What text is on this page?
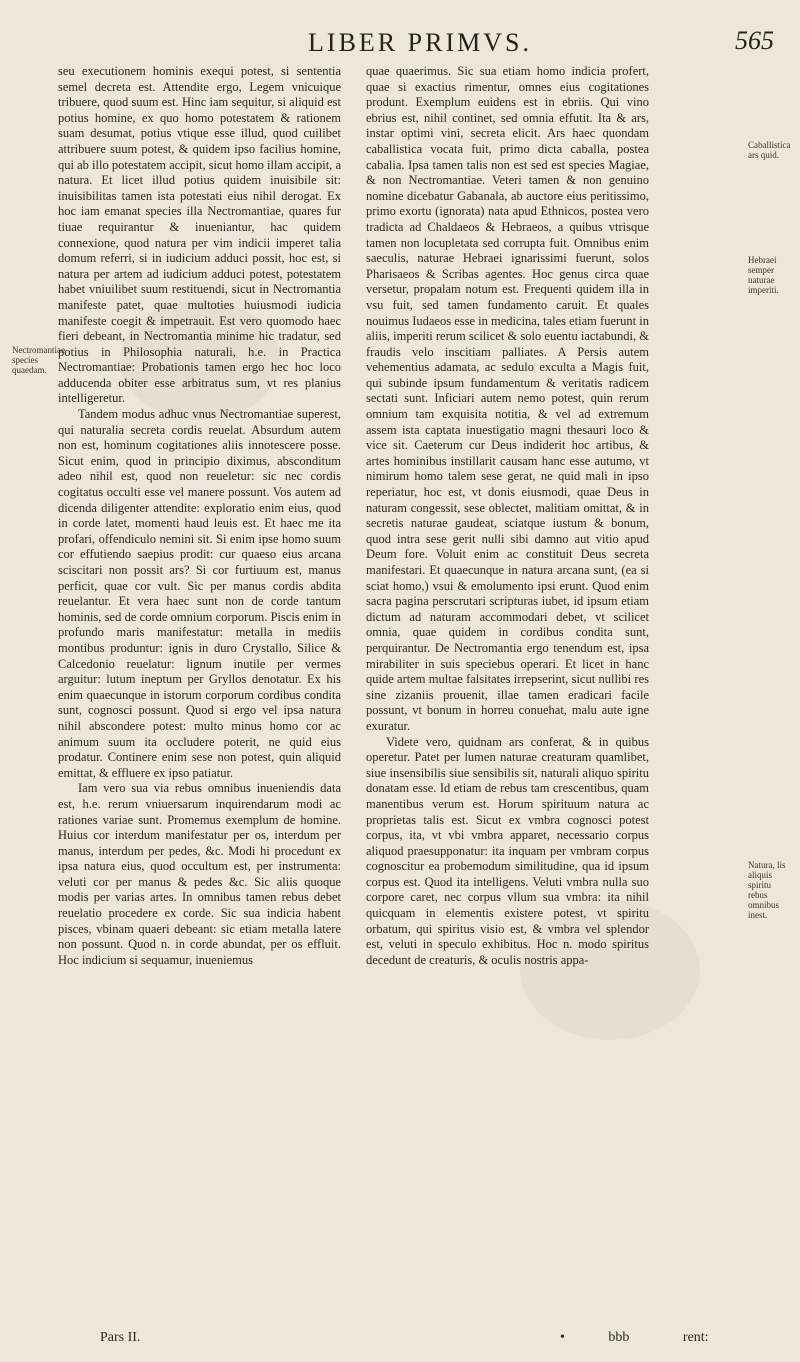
LIBER PRIMVS.	565

seu executionem hominis exequi potest, si sententia semel decreta est. Attendite ergo, Legem vnicuique tribuere, quod suum est. Hinc iam sequitur, si aliquid est potius homine, ex quo homo potestatem & rationem suam desumat, potius vtique esse illud, quod cuilibet attribuere suum potest, & quidem ipso facilius homine, qui ab illo potestatem accipit, sicut homo illam accipit, a natura. Et licet illud potius quidem inuisibile sit: inuisibilitas tamen ista potestati eius nihil derogat. Ex hoc iam emanat species illa Nectromantiae, quares fur tiuae requirantur & inueniantur, hac quidem connexione, quod natura per vim indicii imperet talia domum referri, si in iudicium adduci possit, hoc est, si natura per artem ad iudicium adduci potest, potestatem habet vniuilibet suum restituendi, sicut in Nectromantia manifeste patet, quae multoties huiusmodi iudicia manifeste coegit & impetrauit. Est vero quomodo haec fieri debeant, in Nectromantia minime hic tradatur, sed potius in Philosophia naturali, h.e. in Practica Nectromantiae: Probationis tamen ergo hec hoc loco adducenda obiter esse arbitratus sum, vt res planius intelligeretur.

Tandem modus adhuc vnus Nectromantiae superest, qui naturalia secreta cordis reuelat. Absurdum autem non est, hominum cogitationes aliis innotescere posse. Sicut enim, quod in principio diximus, absconditum adeo nihil est, quod non reueletur: sic nec cordis cogitatus occulti esse vel manere possunt. Vos autem ad dicenda diligenter attendite: exploratio enim eius, quod in corde latet, momenti haud leuis est. Et haec me ita profari, offendiculo nemini sit. Si enim ipse homo suum cor effutiendo saepius prodit: cur quaeso eius arcana sciscitari non possit ars? Si cor furtiuum est, manus perficit, quae cor vult. Sic per manus cordis abdita reuelantur. Et vera haec sunt non de corde tantum hominis, sed de corde omnium corporum. Piscis enim in profundo maris manifestatur: metalla in mediis montibus produntur: ignis in duro Crystallo, Silice & Calcedonio reuelatur: lignum inutile per vermes arguitur: lutum ineptum per Gryllos denotatur. Ex his enim quaecunque in istorum corporum cordibus condita sunt, cognosci possunt. Quod si ergo vel ipsa natura nihil abscondere potest: multo minus homo cor ac animum suum ita occludere poterit, ne quid eius prodatur. Continere enim sese non potest, quin aliquid emittat, & effluere ex ipso patiatur.

Iam vero sua via rebus omnibus inueniendis data est, h.e. rerum vniuersarum inquirendarum modi ac rationes variae sunt. Promemus exemplum de homine. Huius cor interdum manifestatur per os, interdum per manus, interdum per pedes, &c. Modi hi procedunt ex ipsa natura eius, quod occultum est, per instrumenta: veluti cor per manus & pedes &c. Sic aliis quoque modis per varias artes. In omnibus tamen rebus debet reuelatio procedere ex corde. Sic sua indicia habent pisces, vbinam quaeri debeant: sic etiam metalla latere non possunt. Quod n. in corde abundat, per os effluit. Hoc indicium si sequamur, inueniemus

quae quaerimus. Sic sua etiam homo indicia profert, quae si exactius rimentur, omnes eius cogitationes produnt. Exemplum euidens est in ebriis. Qui vino ebrius est, nihil continet, sed omnia effutit. Ita & ars, instar optimi vini, secreta elicit. Ars haec quondam caballistica vocata fuit, primo dicta caballa, postea cabalia. Ipsa tamen talis non est sed est species Magiae, & non Nectromantiae. Veteri tamen & non genuino nomine dicebatur Gabanala, ab auctore eius peritissimo, primo exortu (ignorata) nata apud Ethnicos, postea vero tradicta ad Chaldaeos & Hebraeos, a quibus vtrisque tamen non locupletata sed corrupta fuit. Omnibus enim saeculis, naturae Hebraei ignarissimi fuerunt, solos Pharisaeos & Scribas agentes. Hoc genus circa quae versetur, propalam notum est. Frequenti quidem illa in vsu fuit, sed tamen fundamento caruit. Et quales nouimus Iudaeos esse in medicina, tales etiam fuerunt in aliis, imperiti rerum scilicet & solo euentu iactabundi, & fraudis velo inscitiam palliates. A Persis autem vehementius adamata, ac sedulo exculta a Magis fuit, qui subinde ipsum fundamentum & veritatis radicem sectati sunt. Inficiari autem nemo potest, quin rerum omnium tam exquisita notitia, & vel ad extremum assem ista captata inuestigatio magni thesauri loco & vice sit. Caeterum cur Deus indiderit hoc artibus, & artes hominibus instillarit causam hanc esse autumo, vt nimirum homo talem sese gerat, ne quid mali in ipso reperiatur, hoc est, vt donis eiusmodi, quae Deus in naturam congessit, sese oblectet, malitiam omittat, & in secretis naturae gaudeat, sciatque iustum & bonum, quod intra sese gerit nulli sibi damno aut vitio apud Deum fore. Voluit enim ac constituit Deus secreta manifestari. Et quaecunque in natura arcana sunt, (ea si sciat homo,) vsui & emolumento ipsi erunt. Quod enim sacra pagina perscrutari scripturas iubet, id ipsum etiam dictum ad naturam accommodari debet, vt scilicet omnia, quae quidem in cordibus condita sunt, perquirantur. De Nectromantia ergo tenendum est, ipsa mirabiliter in suis speciebus operari. Et licet in hanc quide artem multae falsitates irrepserint, sicut nullibi res sine zizaniis prouenit, illae tamen eradicari facile possunt, vt bonum in horreu conuehat, malu aute igne exuratur.

Videte vero, quidnam ars conferat, & in quibus operetur. Patet per lumen naturae creaturam quamlibet, siue insensibilis siue sensibilis sit, naturali aliquo spiritu donatam esse. Id etiam de rebus tam crescentibus, quam manentibus verum est. Horum spirituum natura ac proprietas talis est. Sicut ex vmbra cognosci potest corpus, ita, vt vbi vmbra apparet, necessario corpus aliquod praesupponatur: ita inquam per vmbram corpus cognoscitur ea probemodum similitudine, qua id ipsum corpus est. Quod ita intelligens. Veluti vmbra nulla suo corpore caret, nec corpus vllum sua vmbra: ita nihil quicquam in elementis existere potest, vt spiritu orbatum, qui spiritus visio est, & vmbra vel splendor est, veluti in speculo exhibitus. Hoc n. modo spiritus decedunt de creaturis, & oculis nostris appa-

Nectromantiae species quaedam.
Caballistica ars quid.
Hebraei semper naturae imperiti.
Natura, lis aliquis spiritu rebus omnibus inest.
Pars II.	•	bbb	rent:
